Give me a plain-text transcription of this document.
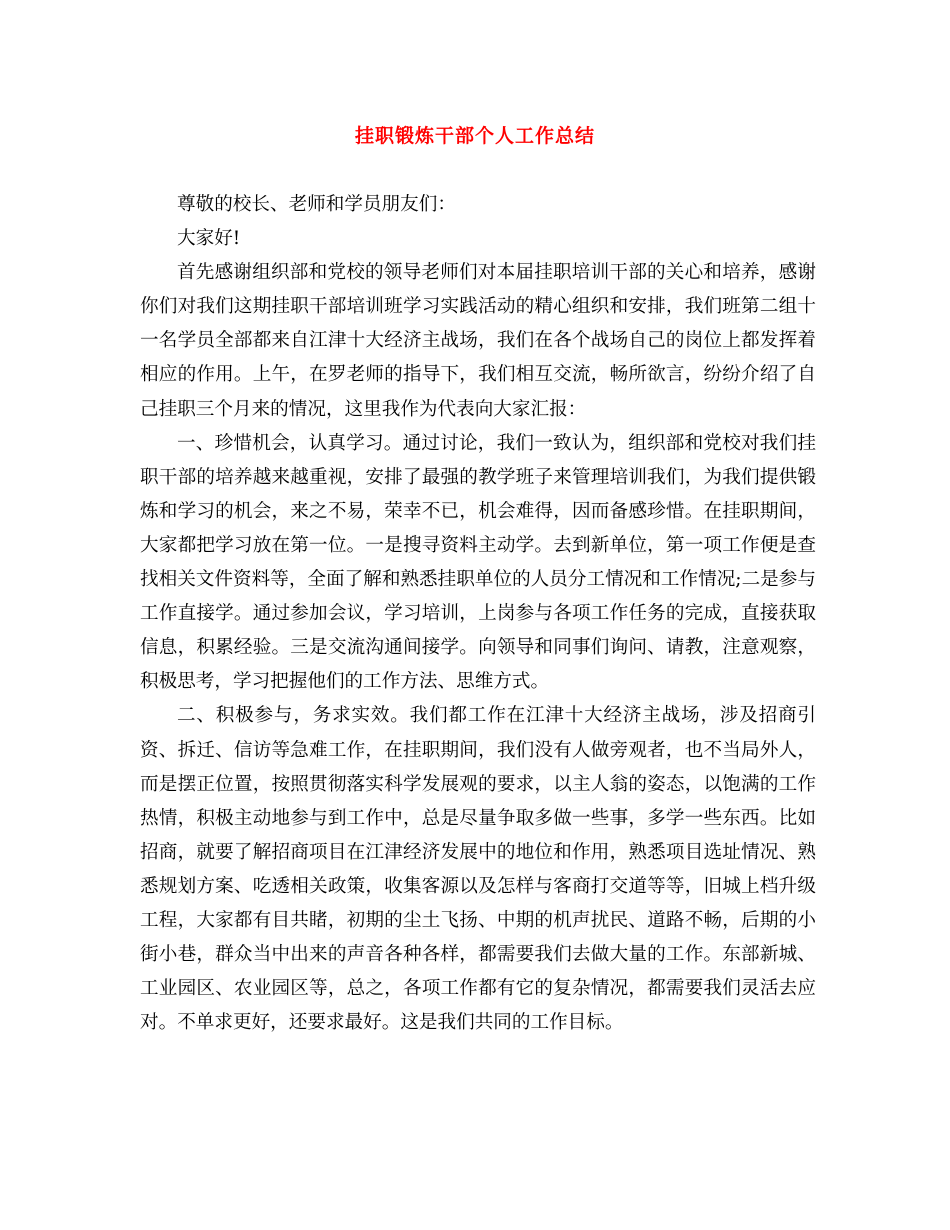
挂职锻炼干部个人工作总结

尊敬的校长、老师和学员朋友们：

大家好!

首先感谢组织部和党校的领导老师们对本届挂职培训干部的关心和培养，感谢你们对我们这期挂职干部培训班学习实践活动的精心组织和安排，我们班第二组十一名学员全部都来自江津十大经济主战场，我们在各个战场自己的岗位上都发挥着相应的作用。上午，在罗老师的指导下，我们相互交流，畅所欲言，纷纷介绍了自己挂职三个月来的情况，这里我作为代表向大家汇报：

一、珍惜机会，认真学习。通过讨论，我们一致认为，组织部和党校对我们挂职干部的培养越来越重视，安排了最强的教学班子来管理培训我们，为我们提供锻炼和学习的机会，来之不易，荣幸不已，机会难得，因而备感珍惜。在挂职期间，大家都把学习放在第一位。一是搜寻资料主动学。去到新单位，第一项工作便是查找相关文件资料等，全面了解和熟悉挂职单位的人员分工情况和工作情况;二是参与工作直接学。通过参加会议，学习培训，上岗参与各项工作任务的完成，直接获取信息，积累经验。三是交流沟通间接学。向领导和同事们询问、请教，注意观察，积极思考，学习把握他们的工作方法、思维方式。

二、积极参与，务求实效。我们都工作在江津十大经济主战场，涉及招商引资、拆迁、信访等急难工作，在挂职期间，我们没有人做旁观者，也不当局外人，而是摆正位置，按照贯彻落实科学发展观的要求，以主人翁的姿态，以饱满的工作热情，积极主动地参与到工作中，总是尽量争取多做一些事，多学一些东西。比如招商，就要了解招商项目在江津经济发展中的地位和作用，熟悉项目选址情况、熟悉规划方案、吃透相关政策，收集客源以及怎样与客商打交道等等，旧城上档升级工程，大家都有目共睹，初期的尘土飞扬、中期的机声扰民、道路不畅，后期的小街小巷，群众当中出来的声音各种各样，都需要我们去做大量的工作。东部新城、工业园区、农业园区等，总之，各项工作都有它的复杂情况，都需要我们灵活去应对。不单求更好，还要求最好。这是我们共同的工作目标。
